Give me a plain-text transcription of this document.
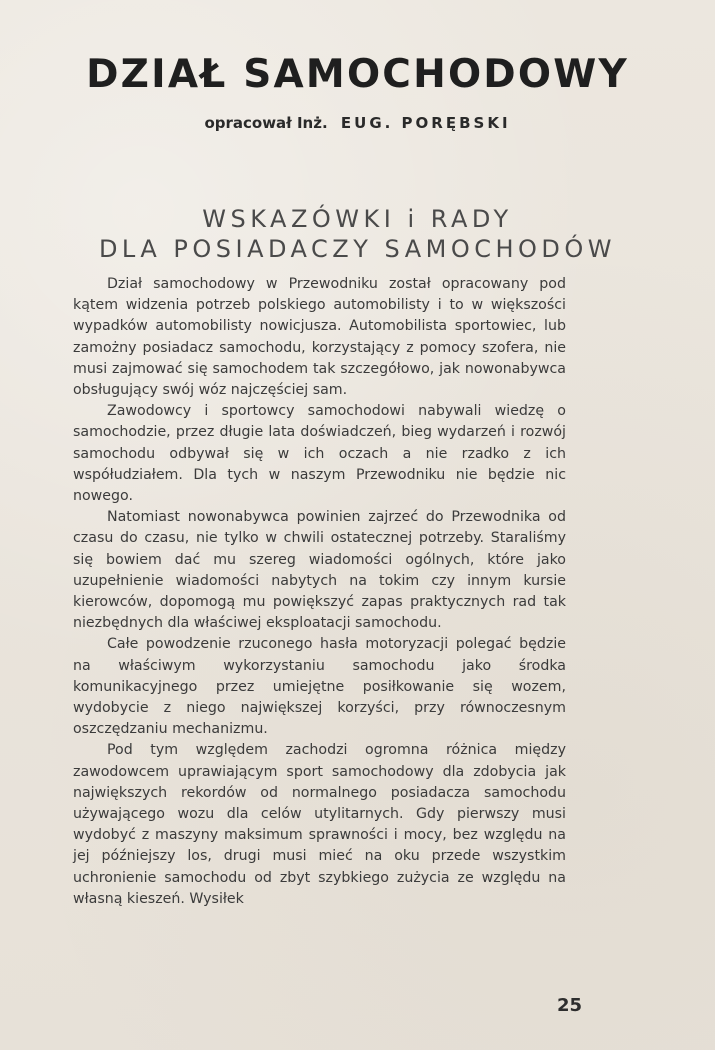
DZIAŁ SAMOCHODOWY
opracował Inż. EUG. PORĘBSKI
WSKAZÓWKI i RADY
DLA POSIADACZY SAMOCHODÓW

Dział samochodowy w Przewodniku został opracowany pod kątem widzenia potrzeb polskiego automobilisty i to w większości wypadków automobilisty nowicjusza. Automobilista sportowiec, lub zamożny posiadacz samochodu, korzystający z pomocy szofera, nie musi zajmować się samochodem tak szczegółowo, jak nowonabywca obsługujący swój wóz najczęściej sam.

Zawodowcy i sportowcy samochodowi nabywali wiedzę o samochodzie, przez długie lata doświadczeń, bieg wydarzeń i rozwój samochodu odbywał się w ich oczach a nie rzadko z ich współudziałem. Dla tych w naszym Przewodniku nie będzie nic nowego.

Natomiast nowonabywca powinien zajrzeć do Przewodnika od czasu do czasu, nie tylko w chwili ostatecznej potrzeby. Staraliśmy się bowiem dać mu szereg wiadomości ogólnych, które jako uzupełnienie wiadomości nabytych na tokim czy innym kursie kierowców, dopomogą mu powiększyć zapas praktycznych rad tak niezbędnych dla właściwej eksploatacji samochodu.

Całe powodzenie rzuconego hasła motoryzacji polegać będzie na właściwym wykorzystaniu samochodu jako środka komunikacyjnego przez umiejętne posiłkowanie się wozem, wydobycie z niego największej korzyści, przy równoczesnym oszczędzaniu mechanizmu.

Pod tym względem zachodzi ogromna różnica między zawodowcem uprawiającym sport samochodowy dla zdobycia jak największych rekordów od normalnego posiadacza samochodu używającego wozu dla celów utylitarnych. Gdy pierwszy musi wydobyć z maszyny maksimum sprawności i mocy, bez względu na jej późniejszy los, drugi musi mieć na oku przede wszystkim uchronienie samochodu od zbyt szybkiego zużycia ze względu na własną kieszeń. Wysiłek

25
